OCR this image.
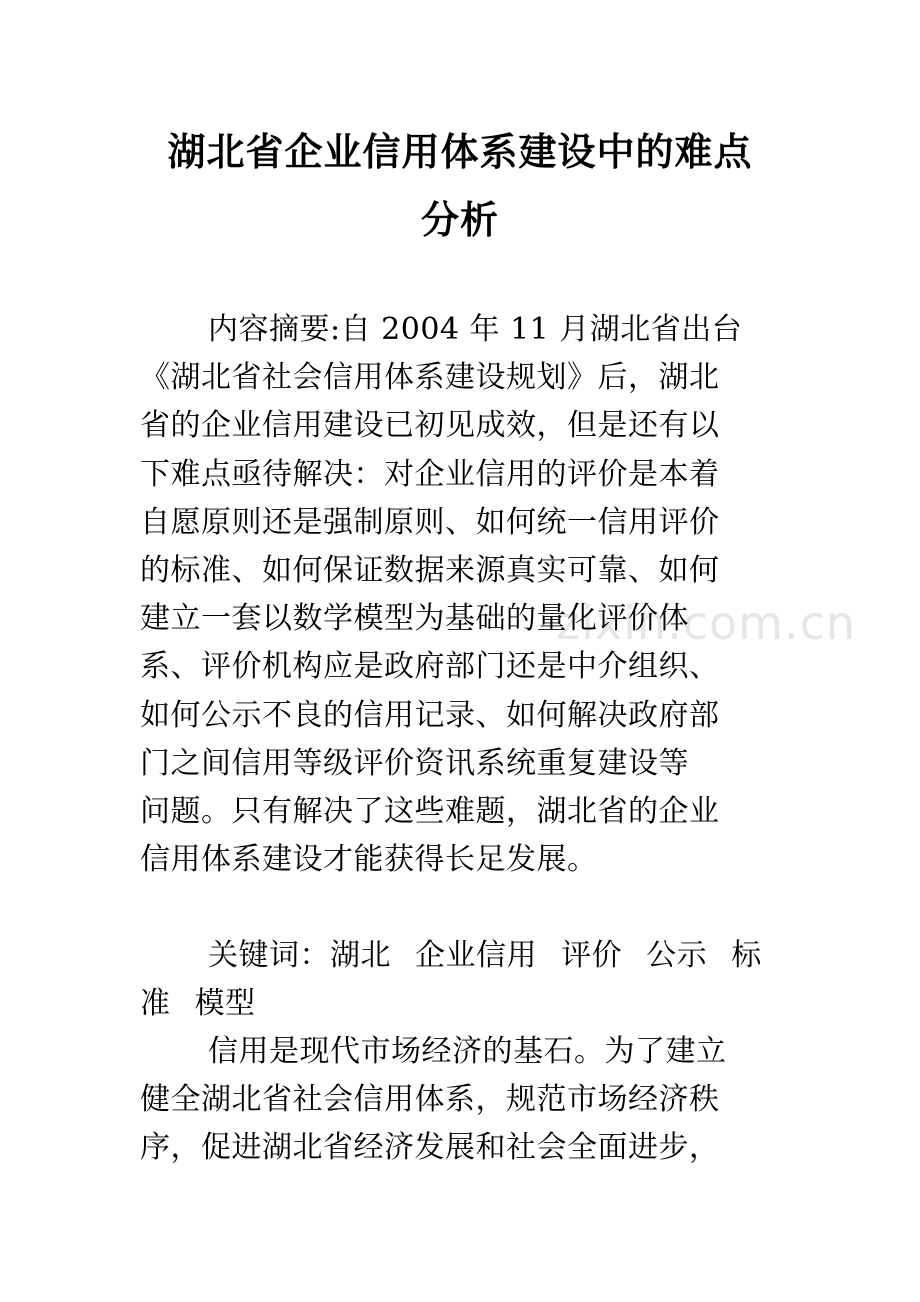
湖北省企业信用体系建设中的难点
分析
zixin.com.cn
内容摘要:自 2004 年 11 月湖北省出台
《湖北省社会信用体系建设规划》后，湖北
省的企业信用建设已初见成效，但是还有以
下难点亟待解决：对企业信用的评价是本着
自愿原则还是强制原则、如何统一信用评价
的标准、如何保证数据来源真实可靠、如何
建立一套以数学模型为基础的量化评价体
系、评价机构应是政府部门还是中介组织、
如何公示不良的信用记录、如何解决政府部
门之间信用等级评价资讯系统重复建设等
问题。只有解决了这些难题，湖北省的企业
信用体系建设才能获得长足发展。
关键词：湖北 企业信用 评价 公示 标
准 模型
信用是现代市场经济的基石。为了建立
健全湖北省社会信用体系，规范市场经济秩
序，促进湖北省经济发展和社会全面进步，
